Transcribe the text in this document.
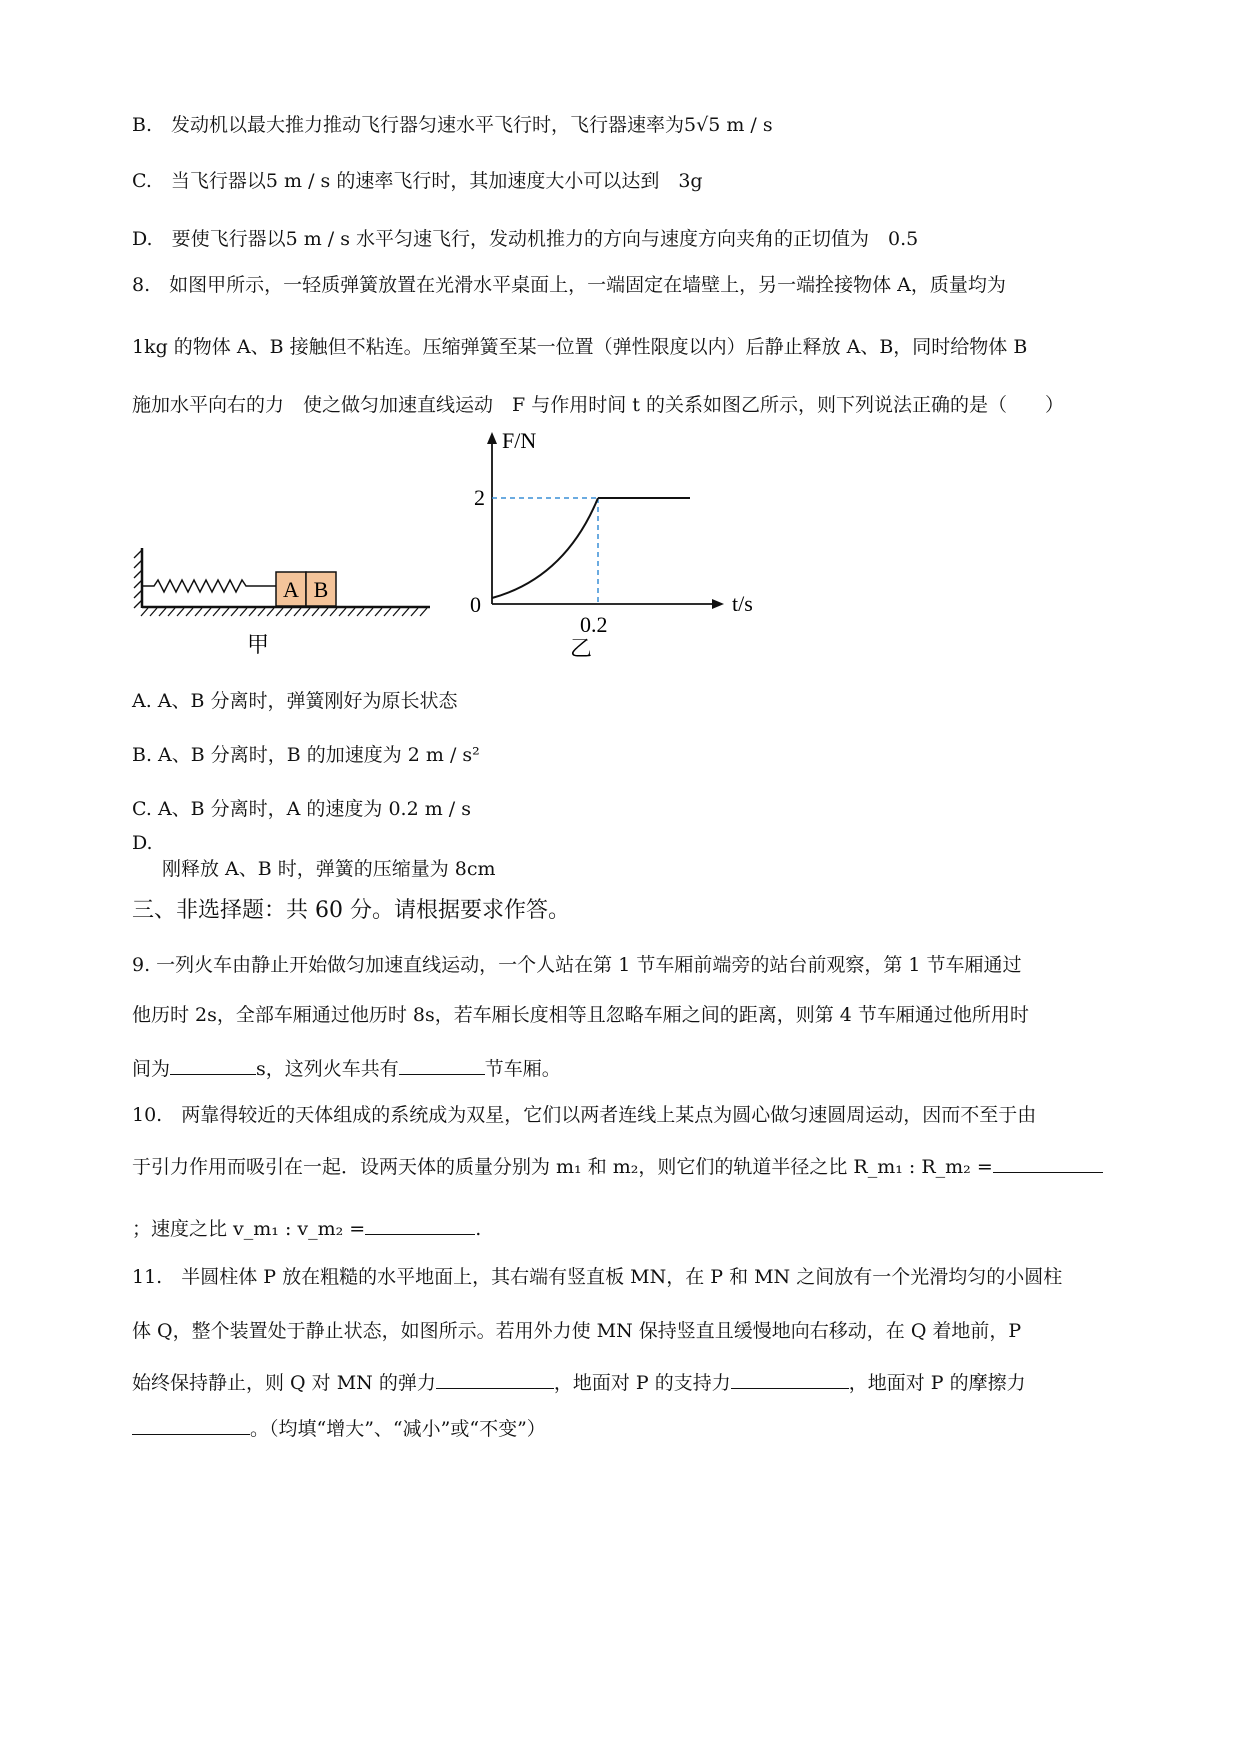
B.　发动机以最大推力推动飞行器匀速水平飞行时，飞行器速率为5√5 m / s
C.　当飞行器以5 m / s 的速率飞行时，其加速度大小可以达到　3g
D.　要使飞行器以5 m / s 水平匀速飞行，发动机推力的方向与速度方向夹角的正切值为　0.5
8.　如图甲所示，一轻质弹簧放置在光滑水平桌面上，一端固定在墙壁上，另一端拴接物体 A，质量均为
1kg 的物体 A、B 接触但不粘连。压缩弹簧至某一位置（弹性限度以内）后静止释放 A、B，同时给物体 B
施加水平向右的力　使之做匀加速直线运动　F 与作用时间 t 的关系如图乙所示，则下列说法正确的是（　　）
A B
甲
F/N
t/s
2
0
0.2
乙
A. A、B 分离时，弹簧刚好为原长状态
B. A、B 分离时，B 的加速度为 2 m / s²
C. A、B 分离时，A 的速度为 0.2 m / s
D.
刚释放 A、B 时，弹簧的压缩量为 8cm
三、非选择题：共 60 分。请根据要求作答。
9. 一列火车由静止开始做匀加速直线运动，一个人站在第 1 节车厢前端旁的站台前观察，第 1 节车厢通过
他历时 2s，全部车厢通过他历时 8s，若车厢长度相等且忽略车厢之间的距离，则第 4 节车厢通过他所用时
间为	s，这列火车共有	节车厢。
10.　两靠得较近的天体组成的系统成为双星，它们以两者连线上某点为圆心做匀速圆周运动，因而不至于由
于引力作用而吸引在一起．设两天体的质量分别为 m₁ 和 m₂，则它们的轨道半径之比 R_m₁ : R_m₂ =
；速度之比 v_m₁ : v_m₂ =	.
11.　半圆柱体 P 放在粗糙的水平地面上，其右端有竖直板 MN，在 P 和 MN 之间放有一个光滑均匀的小圆柱
体 Q，整个装置处于静止状态，如图所示。若用外力使 MN 保持竖直且缓慢地向右移动，在 Q 着地前，P
始终保持静止，则 Q 对 MN 的弹力	，地面对 P 的支持力	，地面对 P 的摩擦力
。（均填“增大”、“减小”或“不变”）
